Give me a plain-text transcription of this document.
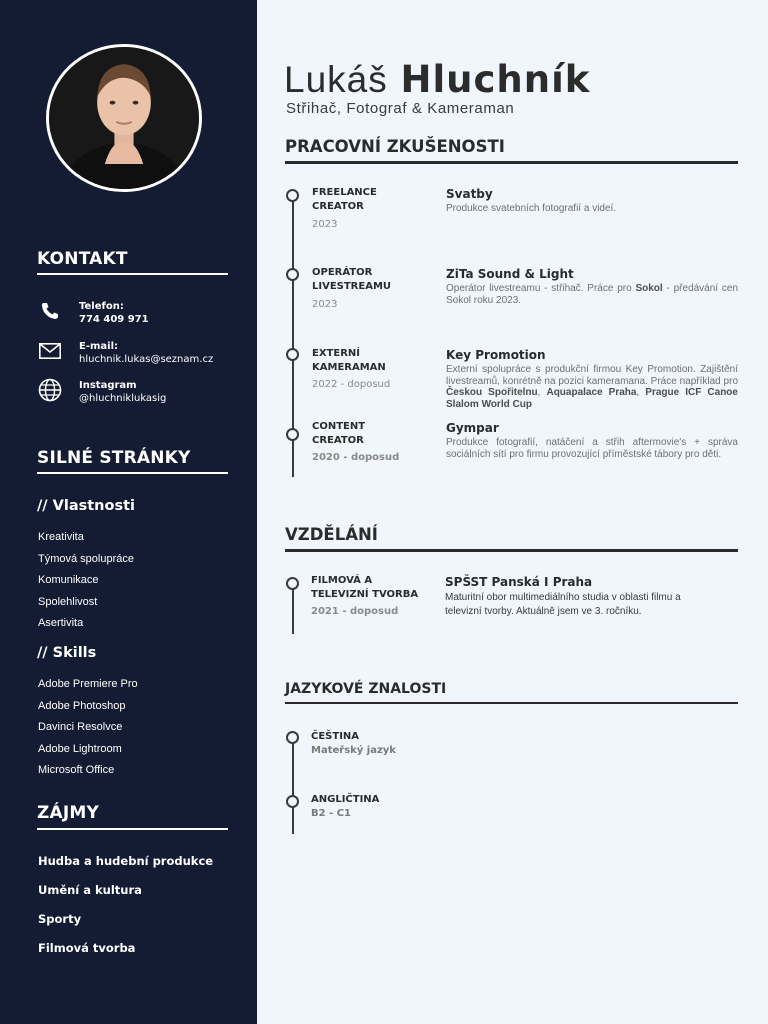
KONTAKT
Telefon:
774 409 971
E-mail:
hluchnik.lukas@seznam.cz
Instagram
@hluchniklukasig
SILNÉ STRÁNKY
// Vlastnosti
Kreativita
Týmová spolupráce
Komunikace
Spolehlivost
Asertivita
// Skills
Adobe Premiere Pro
Adobe Photoshop
Davinci Resolvce
Adobe Lightroom
Microsoft Office
ZÁJMY
Hudba a hudební produkce
Umění a kultura
Sporty
Filmová tvorba
Lukáš Hluchník
Střihač, Fotograf & Kameraman
PRACOVNÍ ZKUŠENOSTI
FREELANCE
CREATOR
2023
Svatby
Produkce svatebních fotografií a videí.
OPERÁTOR
LIVESTREAMU
2023
ZiTa Sound & Light
Operátor livestreamu - střihač. Práce pro Sokol - předávání cen Sokol roku 2023.
EXTERNÍ
KAMERAMAN
2022 - doposud
Key Promotion
Externí spolupráce s produkční firmou Key Promotion. Zajištění livestreamů, konrétně na pozici kameramana. Práce například pro Českou Spořitelnu, Aquapalace Praha, Prague ICF Canoe Slalom World Cup
CONTENT
CREATOR
2020 - doposud
Gympar
Produkce fotografií, natáčení a střih aftermovie's + správa sociálních sítí pro firmu provozující příměstské tábory pro děti.
VZDĚLÁNÍ
FILMOVÁ A
TELEVIZNÍ TVORBA
2021 - doposud
SPŠST Panská I Praha
Maturitní obor multimediálního studia v oblasti filmu a televizní tvorby. Aktuálně jsem ve 3. ročníku.
JAZYKOVÉ ZNALOSTI
ČEŠTINA
Mateřský jazyk
ANGLIČTINA
B2 - C1
